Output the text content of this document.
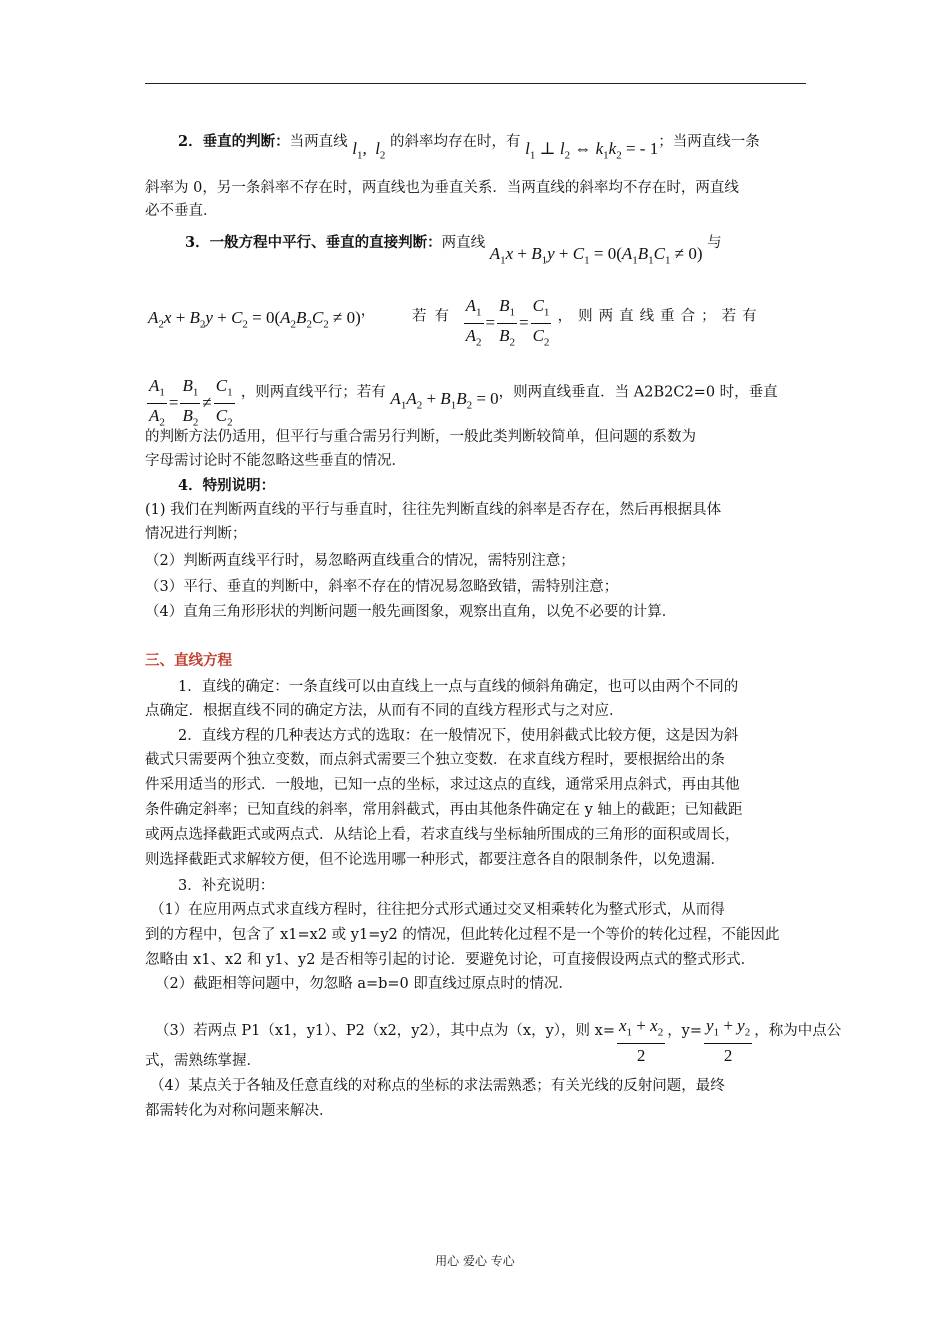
2．垂直的判断：当两直线 $l_1$,  $l_2$ 的斜率均存在时，有 $l_1$ ⊥ $l_2$ ⇔ $k_1k_2$ = - 1；当两直线一条
斜率为 0，另一条斜率不存在时，两直线也为垂直关系．当两直线的斜率均不存在时，两直线
必不垂直．
3．一般方程中平行、垂直的直接判断：两直线 $A_1x + B_1y + C_1 = 0(A_1B_1C_1 \ne 0)$ 与
$A_2x + B_2y + C_2 = 0(A_2B_2C_2 \ne 0)$，	若有 $\frac{A_1}{A_2} = \frac{B_1}{B_2} = \frac{C_1}{C_2}$ ，则两直线重合；若有
$\frac{A_1}{A_2} = \frac{B_1}{B_2} \ne \frac{C_1}{C_2}$ ，则两直线平行；若有 $A_1A_2 + B_1B_2 = 0$，则两直线垂直．当 A2B2C2=0 时，垂直
的判断方法仍适用，但平行与重合需另行判断，一般此类判断较简单，但问题的系数为
字母需讨论时不能忽略这些垂直的情况．
4．特别说明：
(1) 我们在判断两直线的平行与垂直时，往往先判断直线的斜率是否存在，然后再根据具体
情况进行判断；
（2）判断两直线平行时，易忽略两直线重合的情况，需特别注意；
（3）平行、垂直的判断中，斜率不存在的情况易忽略致错，需特别注意；
（4）直角三角形形状的判断问题一般先画图象，观察出直角，以免不必要的计算．
三、直线方程
1．直线的确定：一条直线可以由直线上一点与直线的倾斜角确定，也可以由两个不同的
点确定．根据直线不同的确定方法，从而有不同的直线方程形式与之对应．
2．直线方程的几种表达方式的选取：在一般情况下，使用斜截式比较方便，这是因为斜
截式只需要两个独立变数，而点斜式需要三个独立变数．在求直线方程时，要根据给出的条
件采用适当的形式．一般地，已知一点的坐标，求过这点的直线，通常采用点斜式，再由其他
条件确定斜率；已知直线的斜率，常用斜截式，再由其他条件确定在 y 轴上的截距；已知截距
或两点选择截距式或两点式．从结论上看，若求直线与坐标轴所围成的三角形的面积或周长，
则选择截距式求解较方便，但不论选用哪一种形式，都要注意各自的限制条件，以免遗漏．
3．补充说明：
（1）在应用两点式求直线方程时，往往把分式形式通过交叉相乘转化为整式形式，从而得
到的方程中，包含了 x1=x2 或 y1=y2 的情况，但此转化过程不是一个等价的转化过程，不能因此
忽略由 x1、x2 和 y1、y2 是否相等引起的讨论．要避免讨论，可直接假设两点式的整式形式．
（2）截距相等问题中，勿忽略 a=b=0 即直线过原点时的情况．
（3）若两点 P1（x1，y1）、P2（x2，y2），其中点为（x，y），则 $x= \frac{x_1 + x_2}{2}$ ，$y= \frac{y_1 + y_2}{2}$ ，称为中点公
式，需熟练掌握．
（4）某点关于各轴及任意直线的对称点的坐标的求法需熟悉；有关光线的反射问题，最终
都需转化为对称问题来解决．
用心 爱心 专心
